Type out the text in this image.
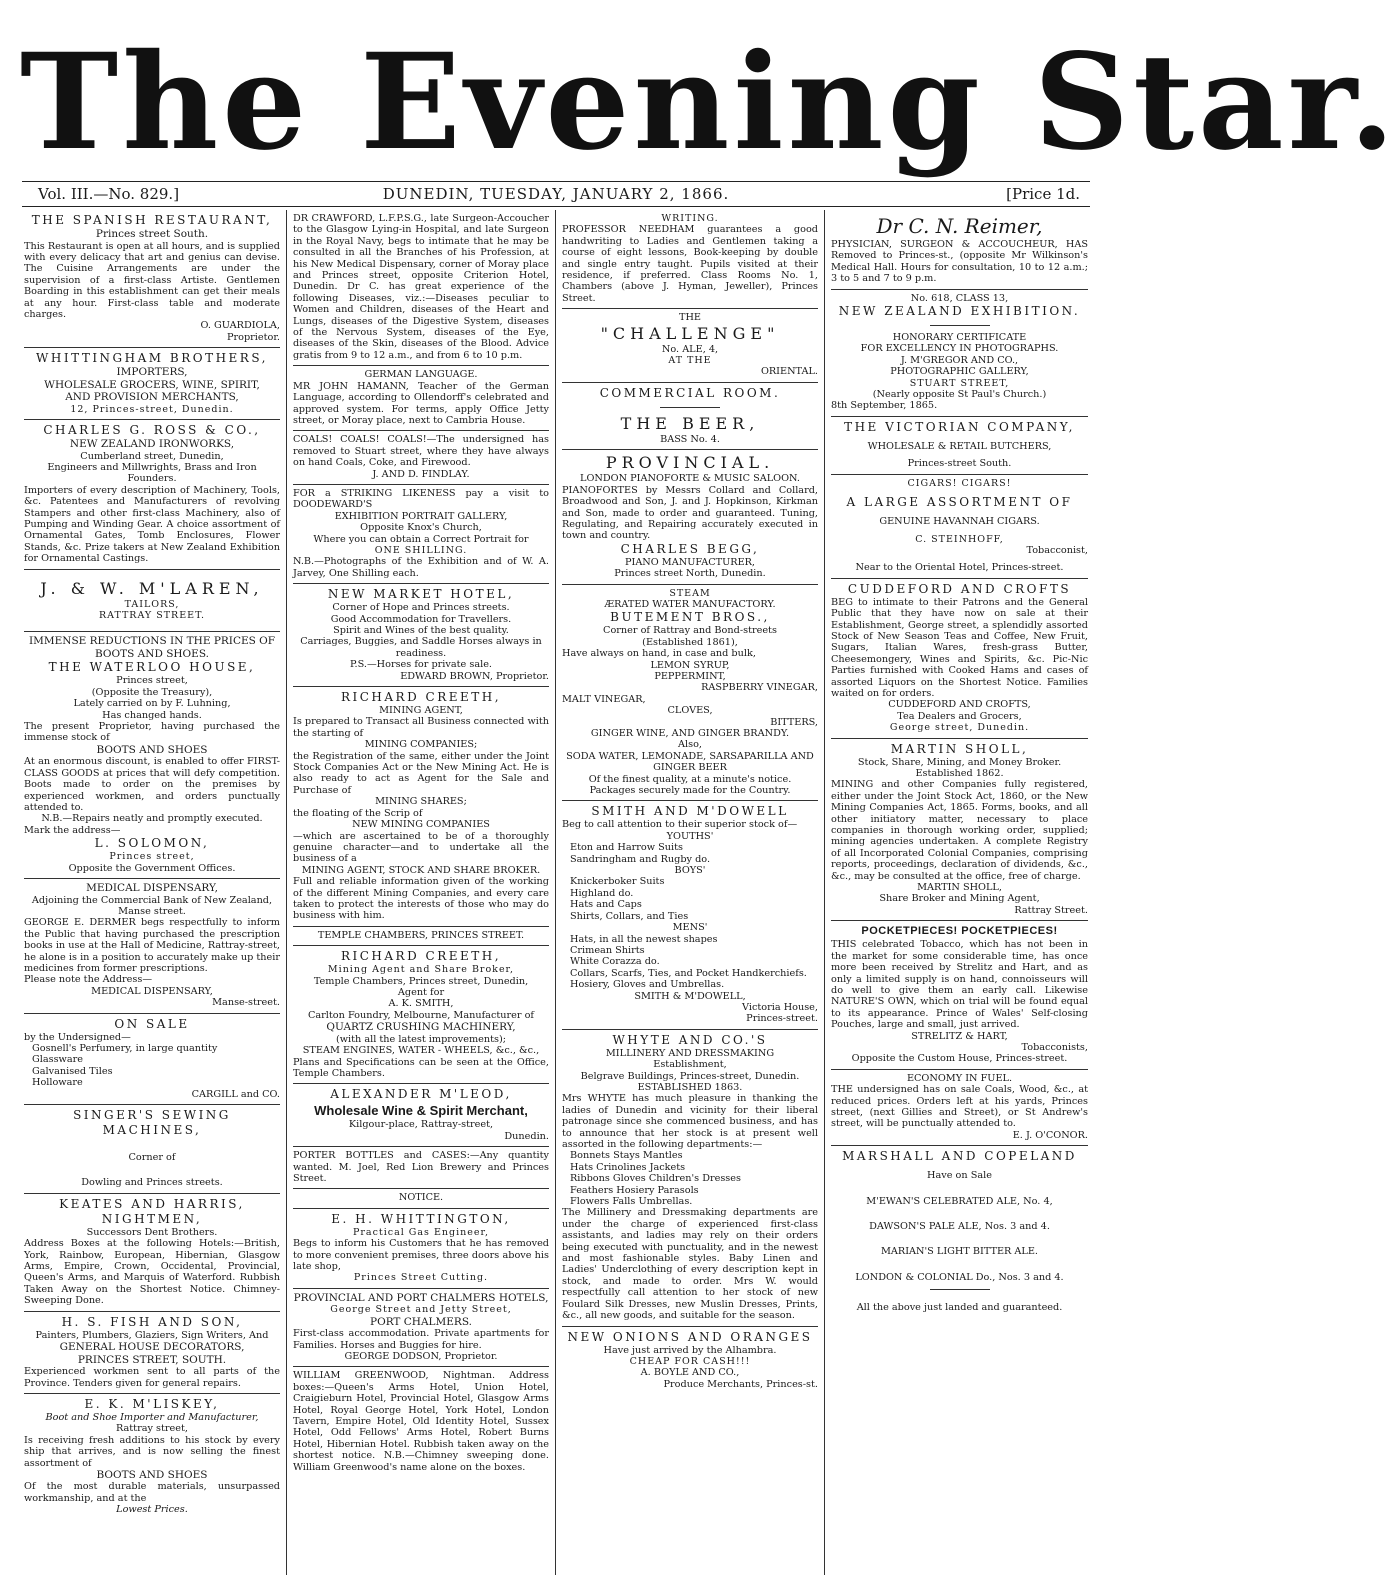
The Evening Star.
Vol. III.—No. 829.]	DUNEDIN, TUESDAY, JANUARY 2, 1866.	[Price 1d.
THE SPANISH RESTAURANT,
Princes street South.
This Restaurant is open at all hours, and is supplied with every delicacy that art and genius can devise. The Cuisine Arrangements are under the supervision of a first-class Artiste. Gentlemen Boarding in this establishment can get their meals at any hour. First-class table and moderate charges.
O. GUARDIOLA,
Proprietor.
WHITTINGHAM BROTHERS,
IMPORTERS,
WHOLESALE GROCERS, WINE, SPIRIT,
AND PROVISION MERCHANTS,
12, Princes-street, Dunedin.
CHARLES G. ROSS & CO.,
NEW ZEALAND IRONWORKS,
Cumberland street, Dunedin,
Engineers and Millwrights, Brass and Iron Founders.
Importers of every description of Machinery, Tools, &c. Patentees and Manufacturers of revolving Stampers and other first-class Machinery, also of Pumping and Winding Gear. A choice assortment of Ornamental Gates, Tomb Enclosures, Flower Stands, &c. Prize takers at New Zealand Exhibition for Ornamental Castings.
J. & W. M'LAREN,
TAILORS,
RATTRAY STREET.
IMMENSE REDUCTIONS IN THE PRICES OF BOOTS AND SHOES.
THE WATERLOO HOUSE,
Princes street,
(Opposite the Treasury),
Lately carried on by F. Luhning,
Has changed hands.
The present Proprietor, having purchased the immense stock of
BOOTS AND SHOES
At an enormous discount, is enabled to offer FIRST-CLASS GOODS at prices that will defy competition. Boots made to order on the premises by experienced workmen, and orders punctually attended to.
N.B.—Repairs neatly and promptly executed.
Mark the address—
L. SOLOMON,
Princes street,
Opposite the Government Offices.
MEDICAL DISPENSARY,
Adjoining the Commercial Bank of New Zealand, Manse street.
GEORGE E. DERMER begs respectfully to inform the Public that having purchased the prescription books in use at the Hall of Medicine, Rattray-street, he alone is in a position to accurately make up their medicines from former prescriptions.
Please note the Address—
MEDICAL DISPENSARY,
Manse-street.
ON SALE
by the Undersigned—
Gosnell's Perfumery, in large quantity
Glassware
Galvanised Tiles
Holloware
CARGILL and CO.
SINGER'S SEWING MACHINES,
Corner of
Dowling and Princes streets.
KEATES AND HARRIS, NIGHTMEN,
Successors Dent Brothers.
Address Boxes at the following Hotels:—British, York, Rainbow, European, Hibernian, Glasgow Arms, Empire, Crown, Occidental, Provincial, Queen's Arms, and Marquis of Waterford. Rubbish Taken Away on the Shortest Notice. Chimney-Sweeping Done.
H. S. FISH AND SON,
Painters, Plumbers, Glaziers, Sign Writers, And
GENERAL HOUSE DECORATORS,
PRINCES STREET, SOUTH.
Experienced workmen sent to all parts of the Province. Tenders given for general repairs.
E. K. M'LISKEY,
Boot and Shoe Importer and Manufacturer,
Rattray street,
Is receiving fresh additions to his stock by every ship that arrives, and is now selling the finest assortment of
BOOTS AND SHOES
Of the most durable materials, unsurpassed workmanship, and at the
Lowest Prices.
DR CRAWFORD, L.F.P.S.G., late Surgeon-Accoucher to the Glasgow Lying-in Hospital, and late Surgeon in the Royal Navy, begs to intimate that he may be consulted in all the Branches of his Profession, at his New Medical Dispensary, corner of Moray place and Princes street, opposite Criterion Hotel, Dunedin. Dr C. has great experience of the following Diseases, viz.:—Diseases peculiar to Women and Children, diseases of the Heart and Lungs, diseases of the Digestive System, diseases of the Nervous System, diseases of the Eye, diseases of the Skin, diseases of the Blood. Advice gratis from 9 to 12 a.m., and from 6 to 10 p.m.
GERMAN LANGUAGE.
MR JOHN HAMANN, Teacher of the German Language, according to Ollendorff's celebrated and approved system. For terms, apply Office Jetty street, or Moray place, next to Cambria House.
COALS! COALS! COALS!—The undersigned has removed to Stuart street, where they have always on hand Coals, Coke, and Firewood.
J. AND D. FINDLAY.
FOR a STRIKING LIKENESS pay a visit to DOODEWARD'S
EXHIBITION PORTRAIT GALLERY,
Opposite Knox's Church,
Where you can obtain a Correct Portrait for
ONE SHILLING.
N.B.—Photographs of the Exhibition and of W. A. Jarvey, One Shilling each.
NEW MARKET HOTEL,
Corner of Hope and Princes streets.
Good Accommodation for Travellers.
Spirit and Wines of the best quality.
Carriages, Buggies, and Saddle Horses always in readiness.
P.S.—Horses for private sale.
EDWARD BROWN, Proprietor.
RICHARD CREETH,
MINING AGENT,
Is prepared to Transact all Business connected with the starting of
MINING COMPANIES;
the Registration of the same, either under the Joint Stock Companies Act or the New Mining Act. He is also ready to act as Agent for the Sale and Purchase of
MINING SHARES;
the floating of the Scrip of
NEW MINING COMPANIES
—which are ascertained to be of a thoroughly genuine character—and to undertake all the business of a
MINING AGENT, STOCK AND SHARE BROKER.
Full and reliable information given of the working of the different Mining Companies, and every care taken to protect the interests of those who may do business with him.
TEMPLE CHAMBERS, PRINCES STREET.
RICHARD CREETH,
Mining Agent and Share Broker,
Temple Chambers, Princes street, Dunedin,
Agent for
A. K. SMITH,
Carlton Foundry, Melbourne, Manufacturer of
QUARTZ CRUSHING MACHINERY,
(with all the latest improvements);
STEAM ENGINES, WATER - WHEELS, &c., &c.,
Plans and Specifications can be seen at the Office, Temple Chambers.
ALEXANDER M'LEOD,
Wholesale Wine & Spirit Merchant,
Kilgour-place, Rattray-street,
Dunedin.
PORTER BOTTLES and CASES:—Any quantity wanted. M. Joel, Red Lion Brewery and Princes Street.
NOTICE.
E. H. WHITTINGTON,
Practical Gas Engineer,
Begs to inform his Customers that he has removed to more convenient premises, three doors above his late shop,
Princes Street Cutting.
PROVINCIAL AND PORT CHALMERS HOTELS,
George Street and Jetty Street,
PORT CHALMERS.
First-class accommodation. Private apartments for Families. Horses and Buggies for hire.
GEORGE DODSON, Proprietor.
WILLIAM GREENWOOD, Nightman. Address boxes:—Queen's Arms Hotel, Union Hotel, Craigieburn Hotel, Provincial Hotel, Glasgow Arms Hotel, Royal George Hotel, York Hotel, London Tavern, Empire Hotel, Old Identity Hotel, Sussex Hotel, Odd Fellows' Arms Hotel, Robert Burns Hotel, Hibernian Hotel. Rubbish taken away on the shortest notice. N.B.—Chimney sweeping done. William Greenwood's name alone on the boxes.
WRITING.
PROFESSOR NEEDHAM guarantees a good handwriting to Ladies and Gentlemen taking a course of eight lessons, Book-keeping by double and single entry taught. Pupils visited at their residence, if preferred. Class Rooms No. 1, Chambers (above J. Hyman, Jeweller), Princes Street.
THE
"CHALLENGE"
No. ALE, 4,
AT THE
ORIENTAL.
COMMERCIAL ROOM.
THE BEER,
BASS No. 4.
PROVINCIAL.
LONDON PIANOFORTE & MUSIC SALOON.
PIANOFORTES by Messrs Collard and Collard, Broadwood and Son, J. and J. Hopkinson, Kirkman and Son, made to order and guaranteed. Tuning, Regulating, and Repairing accurately executed in town and country.
CHARLES BEGG,
PIANO MANUFACTURER,
Princes street North, Dunedin.
STEAM
ÆRATED WATER MANUFACTORY.
BUTEMENT BROS.,
Corner of Rattray and Bond-streets
(Established 1861),
Have always on hand, in case and bulk,
LEMON SYRUP,
PEPPERMINT,
RASPBERRY VINEGAR,
MALT VINEGAR,
CLOVES,
BITTERS,
GINGER WINE, AND GINGER BRANDY.
Also,
SODA WATER, LEMONADE, SARSAPARILLA AND GINGER BEER
Of the finest quality, at a minute's notice.
Packages securely made for the Country.
SMITH AND M'DOWELL
Beg to call attention to their superior stock of—
YOUTHS'
Eton and Harrow Suits
Sandringham and Rugby do.
BOYS'
Knickerboker Suits
Highland do.
Hats and Caps
Shirts, Collars, and Ties
MENS'
Hats, in all the newest shapes
Crimean Shirts
White Corazza do.
Collars, Scarfs, Ties, and Pocket Handkerchiefs.
Hosiery, Gloves and Umbrellas.
SMITH & M'DOWELL,
Victoria House,
Princes-street.
WHYTE AND CO.'S
MILLINERY AND DRESSMAKING
Establishment,
Belgrave Buildings, Princes-street, Dunedin.
ESTABLISHED 1863.
Mrs WHYTE has much pleasure in thanking the ladies of Dunedin and vicinity for their liberal patronage since she commenced business, and has to announce that her stock is at present well assorted in the following departments:—
Bonnets Stays Mantles
Hats Crinolines Jackets
Ribbons Gloves Children's Dresses
Feathers Hosiery Parasols
Flowers Falls Umbrellas.
The Millinery and Dressmaking departments are under the charge of experienced first-class assistants, and ladies may rely on their orders being executed with punctuality, and in the newest and most fashionable styles. Baby Linen and Ladies' Underclothing of every description kept in stock, and made to order. Mrs W. would respectfully call attention to her stock of new Foulard Silk Dresses, new Muslin Dresses, Prints, &c., all new goods, and suitable for the season.
NEW ONIONS AND ORANGES
Have just arrived by the Alhambra.
CHEAP FOR CASH!!!
A. BOYLE AND CO.,
Produce Merchants, Princes-st.
Dr C. N. Reimer,
PHYSICIAN, SURGEON & ACCOUCHEUR, HAS Removed to Princes-st., (opposite Mr Wilkinson's Medical Hall. Hours for consultation, 10 to 12 a.m.; 3 to 5 and 7 to 9 p.m.
No. 618, CLASS 13,
NEW ZEALAND EXHIBITION.
HONORARY CERTIFICATE
FOR EXCELLENCY IN PHOTOGRAPHS.
J. M'GREGOR AND CO.,
PHOTOGRAPHIC GALLERY,
STUART STREET,
(Nearly opposite St Paul's Church.)
8th September, 1865.
THE VICTORIAN COMPANY,
WHOLESALE & RETAIL BUTCHERS,
Princes-street South.
CIGARS! CIGARS!
A LARGE ASSORTMENT OF
GENUINE HAVANNAH CIGARS.
C. STEINHOFF,
Tobacconist,
Near to the Oriental Hotel, Princes-street.
CUDDEFORD AND CROFTS
BEG to intimate to their Patrons and the General Public that they have now on sale at their Establishment, George street, a splendidly assorted Stock of New Season Teas and Coffee, New Fruit, Sugars, Italian Wares, fresh-grass Butter, Cheesemongery, Wines and Spirits, &c. Pic-Nic Parties furnished with Cooked Hams and cases of assorted Liquors on the Shortest Notice. Families waited on for orders.
CUDDEFORD AND CROFTS,
Tea Dealers and Grocers,
George street, Dunedin.
MARTIN SHOLL,
Stock, Share, Mining, and Money Broker. Established 1862.
MINING and other Companies fully registered, either under the Joint Stock Act, 1860, or the New Mining Companies Act, 1865. Forms, books, and all other initiatory matter, necessary to place companies in thorough working order, supplied; mining agencies undertaken. A complete Registry of all Incorporated Colonial Companies, comprising reports, proceedings, declaration of dividends, &c., &c., may be consulted at the office, free of charge.
MARTIN SHOLL,
Share Broker and Mining Agent,
Rattray Street.
POCKETPIECES! POCKETPIECES!
THIS celebrated Tobacco, which has not been in the market for some considerable time, has once more been received by Strelitz and Hart, and as only a limited supply is on hand, connoisseurs will do well to give them an early call. Likewise NATURE'S OWN, which on trial will be found equal to its appearance. Prince of Wales' Self-closing Pouches, large and small, just arrived.
STRELITZ & HART,
Tobacconists,
Opposite the Custom House, Princes-street.
ECONOMY IN FUEL.
THE undersigned has on sale Coals, Wood, &c., at reduced prices. Orders left at his yards, Princes street, (next Gillies and Street), or St Andrew's street, will be punctually attended to.
E. J. O'CONOR.
MARSHALL AND COPELAND
Have on Sale
M'EWAN'S CELEBRATED ALE, No. 4,
DAWSON'S PALE ALE, Nos. 3 and 4.
MARIAN'S LIGHT BITTER ALE.
LONDON & COLONIAL Do., Nos. 3 and 4.
All the above just landed and guaranteed.
